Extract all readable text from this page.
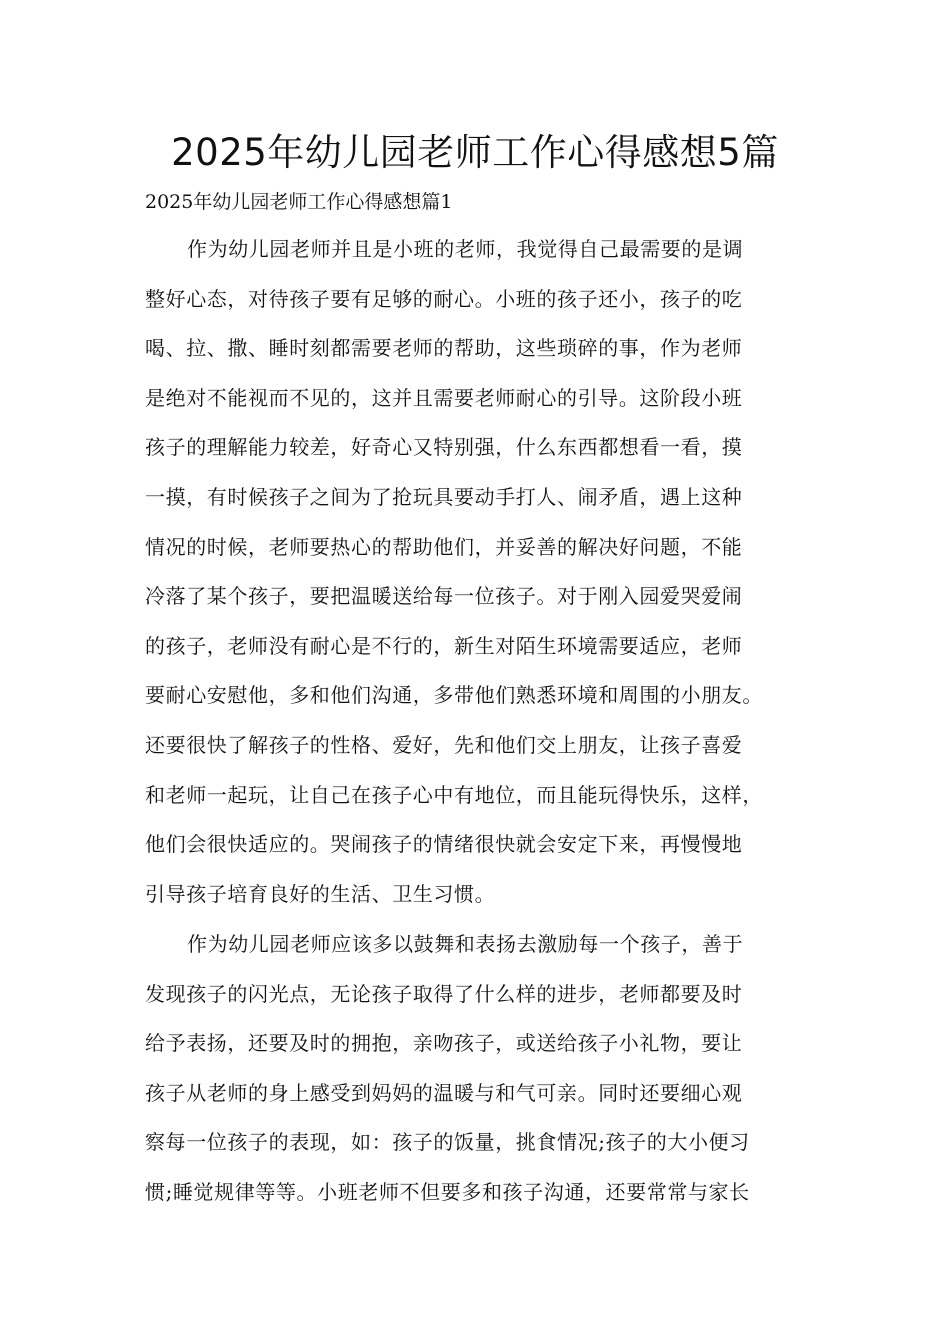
2025年幼儿园老师工作心得感想5篇

2025年幼儿园老师工作心得感想篇1

作为幼儿园老师并且是小班的老师，我觉得自己最需要的是调
整好心态，对待孩子要有足够的耐心。小班的孩子还小，孩子的吃
喝、拉、撒、睡时刻都需要老师的帮助，这些琐碎的事，作为老师
是绝对不能视而不见的，这并且需要老师耐心的引导。这阶段小班
孩子的理解能力较差，好奇心又特别强，什么东西都想看一看，摸
一摸，有时候孩子之间为了抢玩具要动手打人、闹矛盾，遇上这种
情况的时候，老师要热心的帮助他们，并妥善的解决好问题，不能
冷落了某个孩子，要把温暖送给每一位孩子。对于刚入园爱哭爱闹
的孩子，老师没有耐心是不行的，新生对陌生环境需要适应，老师
要耐心安慰他，多和他们沟通，多带他们熟悉环境和周围的小朋友。
还要很快了解孩子的性格、爱好，先和他们交上朋友，让孩子喜爱
和老师一起玩，让自己在孩子心中有地位，而且能玩得快乐，这样，
他们会很快适应的。哭闹孩子的情绪很快就会安定下来，再慢慢地
引导孩子培育良好的生活、卫生习惯。
作为幼儿园老师应该多以鼓舞和表扬去激励每一个孩子，善于
发现孩子的闪光点，无论孩子取得了什么样的进步，老师都要及时
给予表扬，还要及时的拥抱，亲吻孩子，或送给孩子小礼物，要让
孩子从老师的身上感受到妈妈的温暖与和气可亲。同时还要细心观
察每一位孩子的表现，如：孩子的饭量，挑食情况;孩子的大小便习
惯;睡觉规律等等。小班老师不但要多和孩子沟通，还要常常与家长
